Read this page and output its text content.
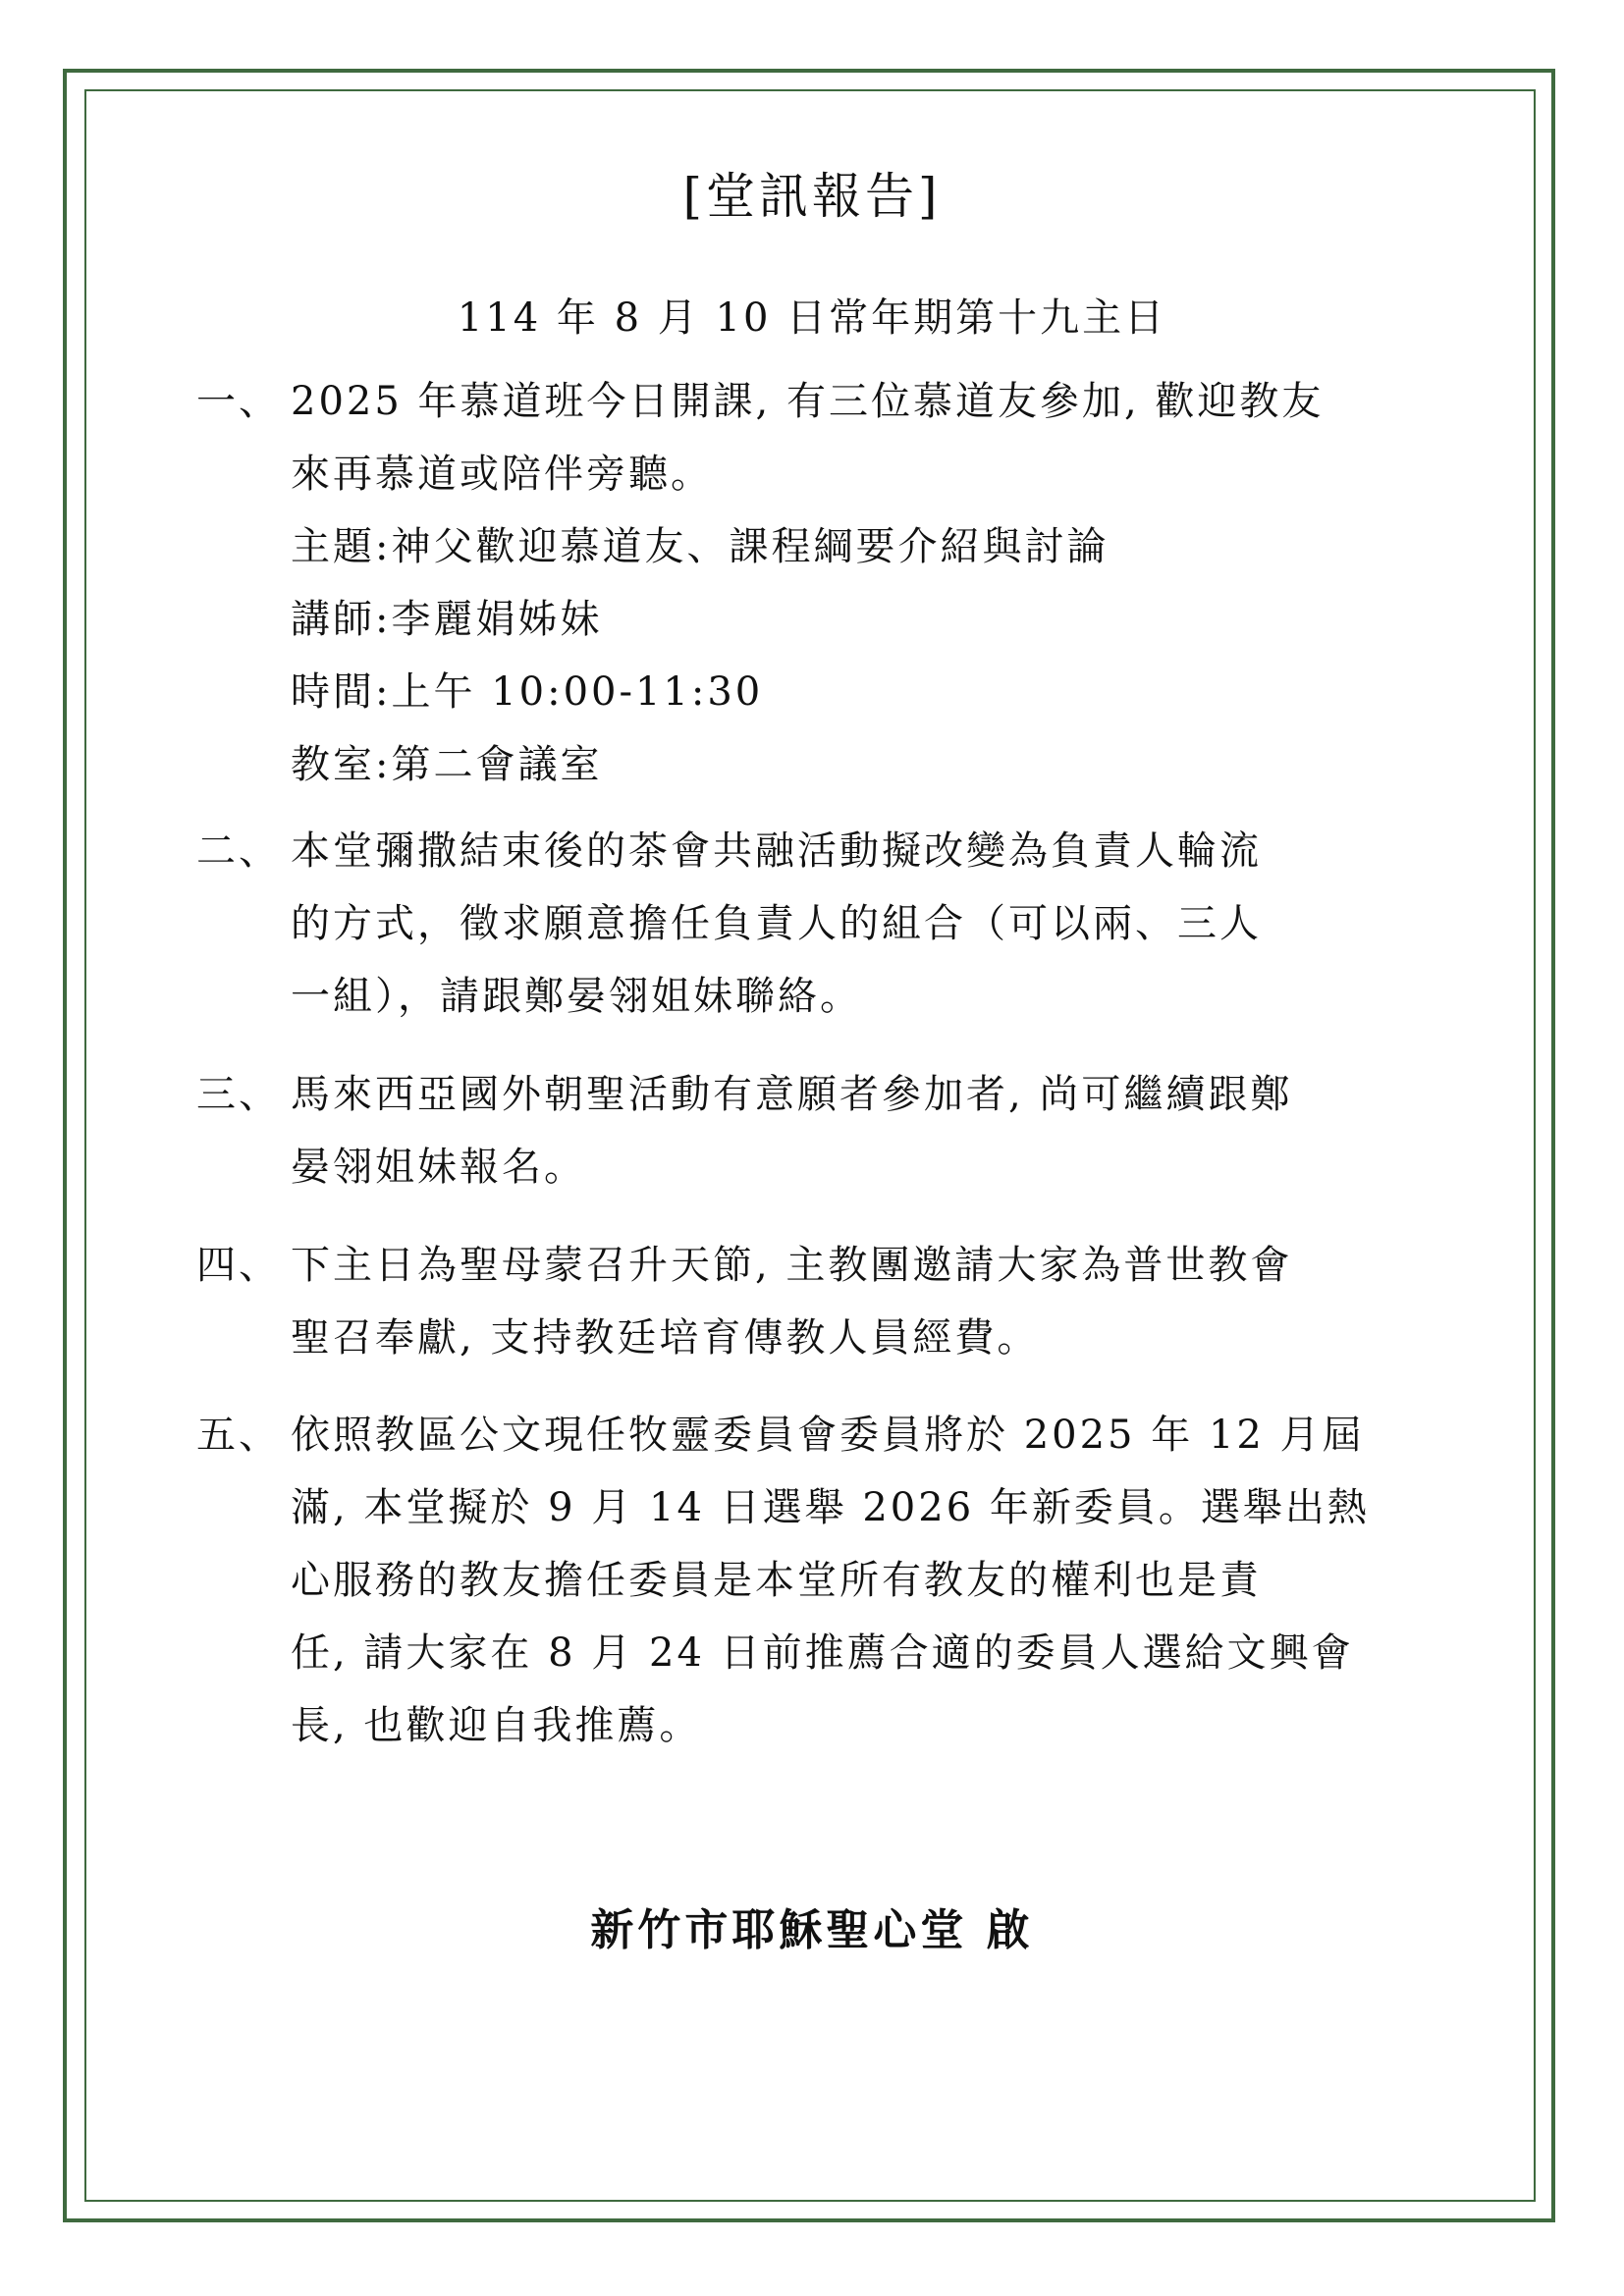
[堂訊報告]
114 年 8 月 10 日常年期第十九主日
一、 2025 年慕道班今日開課, 有三位慕道友參加, 歡迎教友
來再慕道或陪伴旁聽。
主題:神父歡迎慕道友、課程綱要介紹與討論
講師:李麗娟姊妹
時間:上午 10:00-11:30
教室:第二會議室
二、 本堂彌撒結束後的茶會共融活動擬改變為負責人輪流
的方式，徵求願意擔任負責人的組合（可以兩、三人
一組），請跟鄭晏翎姐妹聯絡。
三、 馬來西亞國外朝聖活動有意願者參加者, 尚可繼續跟鄭
晏翎姐妹報名。
四、 下主日為聖母蒙召升天節, 主教團邀請大家為普世教會
聖召奉獻, 支持教廷培育傳教人員經費。
五、 依照教區公文現任牧靈委員會委員將於 2025 年 12 月屆
滿, 本堂擬於 9 月 14 日選舉 2026 年新委員。選舉出熱
心服務的教友擔任委員是本堂所有教友的權利也是責
任, 請大家在 8 月 24 日前推薦合適的委員人選給文興會
長, 也歡迎自我推薦。
新竹市耶穌聖心堂 啟
